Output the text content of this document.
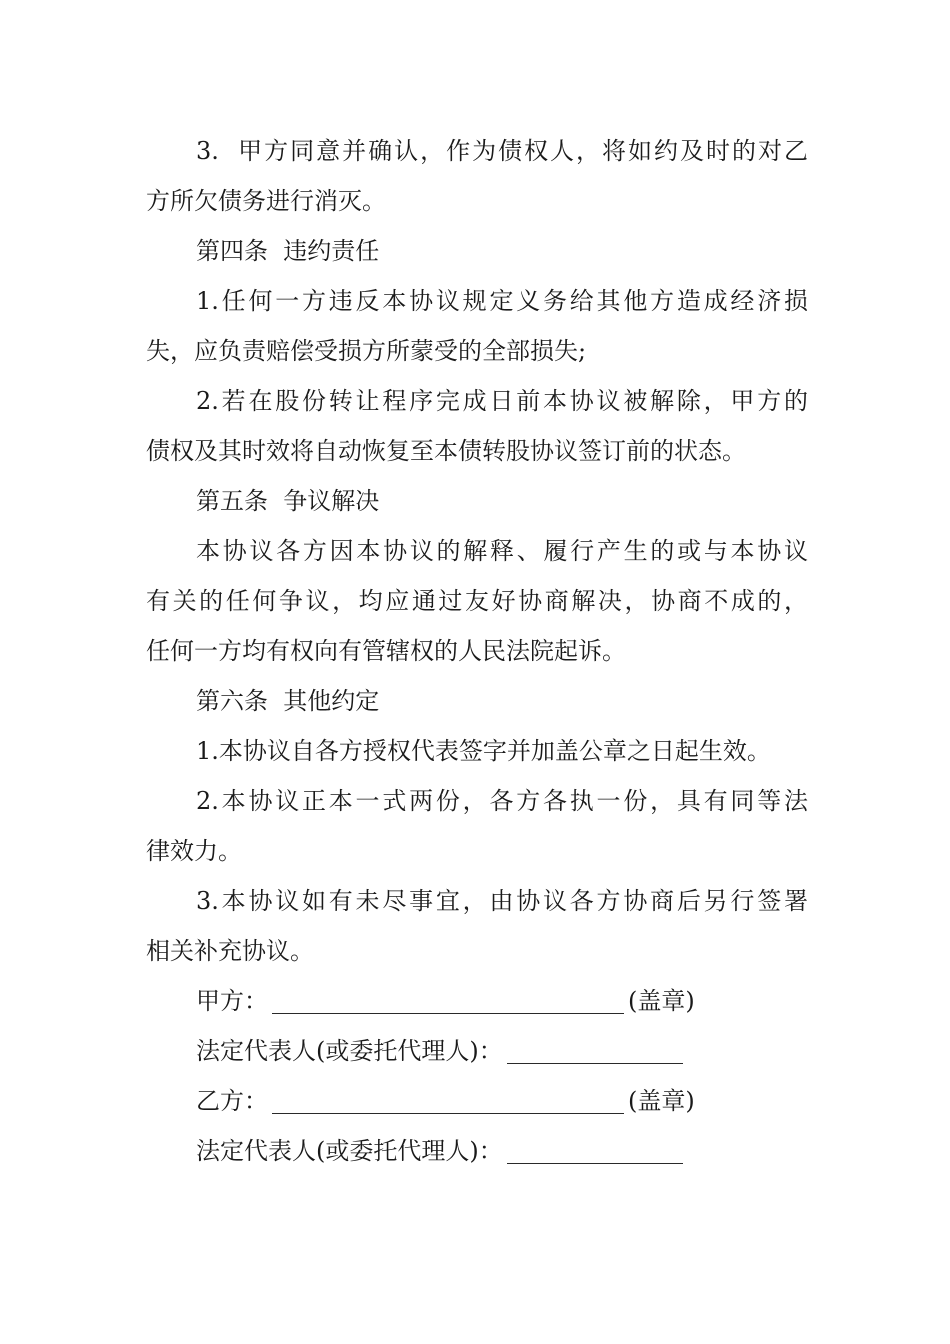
3.  甲方同意并确认，作为债权人，将如约及时的对乙
方所欠债务进行消灭。
第四条  违约责任
1.任何一方违反本协议规定义务给其他方造成经济损
失，应负责赔偿受损方所蒙受的全部损失;
2.若在股份转让程序完成日前本协议被解除，甲方的
债权及其时效将自动恢复至本债转股协议签订前的状态。
第五条  争议解决
本协议各方因本协议的解释、履行产生的或与本协议
有关的任何争议，均应通过友好协商解决，协商不成的，
任何一方均有权向有管辖权的人民法院起诉。
第六条  其他约定
1.本协议自各方授权代表签字并加盖公章之日起生效。
2.本协议正本一式两份，各方各执一份，具有同等法
律效力。
3.本协议如有未尽事宜，由协议各方协商后另行签署
相关补充协议。
甲方：	(盖章)
法定代表人(或委托代理人)：
乙方：	(盖章)
法定代表人(或委托代理人)：
